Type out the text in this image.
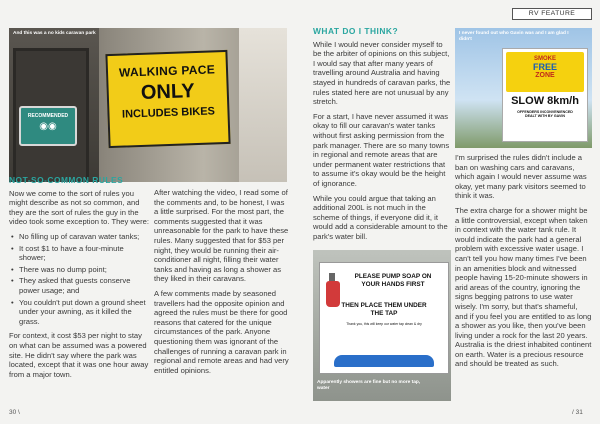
RV FEATURE
RECOMMENDED
◉◉
WALKING PACE
ONLY
INCLUDES BIKES
And this was a no kids caravan park
NOT-SO-COMMON RULES

Now we come to the sort of rules you might describe as not so common, and they are the sort of rules the guy in the video took some exception to. They were:

• No filling up of caravan water tanks;
• It cost $1 to have a four-minute shower;
• There was no dump point;
• They asked that guests conserve power usage; and
• You couldn't put down a ground sheet under your awning, as it killed the grass.

For context, it cost $53 per night to stay on what can be assumed was a powered site. He didn't say where the park was located, except that it was one hour away from a major town.

After watching the video, I read some of the comments and, to be honest, I was a little surprised. For the most part, the comments suggested that it was unreasonable for the park to have these rules. Many suggested that for $53 per night, they would be running their air-conditioner all night, filling their water tanks and having as long a shower as they liked in their caravans.

A few comments made by seasoned travellers had the opposite opinion and agreed the rules must be there for good reasons that catered for the unique circumstances of the park. Anyone questioning them was ignorant of the challenges of running a caravan park in regional and remote areas and had very entitled opinions.

WHAT DO I THINK?

While I would never consider myself to be the arbiter of opinions on this subject, I would say that after many years of travelling around Australia and having stayed in hundreds of caravan parks, the rules stated here are not unusual by any stretch.

For a start, I have never assumed it was okay to fill our caravan's water tanks without first asking permission from the park manager. There are so many towns in regional and remote areas that are under permanent water restrictions that to assume it's okay would be the height of ignorance.

While you could argue that taking an additional 200L is not much in the scheme of things, if everyone did it, it would add a considerable amount to the park's water bill.

SMOKE
FREE
ZONE
SLOW 8km/h
OFFENDERS INCONVENIENCED
DEALT WITH BY GAVIN
I never found out who Gavin was and I am glad I didn't
PLEASE PUMP SOAP ON
YOUR HANDS FIRST
THEN PLACE THEM UNDER
THE TAP
Thank you, this will keep our water tap clean & dry
Apparently showers are fine but no more tap, water

I'm surprised the rules didn't include a ban on washing cars and caravans, which again I would never assume was okay, yet many park visitors seemed to think it was.

The extra charge for a shower might be a little controversial, except when taken in context with the water tank rule. It would indicate the park had a general problem with excessive water usage. I can't tell you how many times I've been in an amenities block and witnessed people having 15-20-minute showers in arid areas of the country, ignoring the signs begging patrons to use water wisely. I'm sorry, but that's shameful, and if you feel you are entitled to as long a shower as you like, then you've been living under a rock for the last 20 years. Australia is the driest inhabited continent on earth. Water is a precious resource and should be treated as such.

30 \	/ 31
